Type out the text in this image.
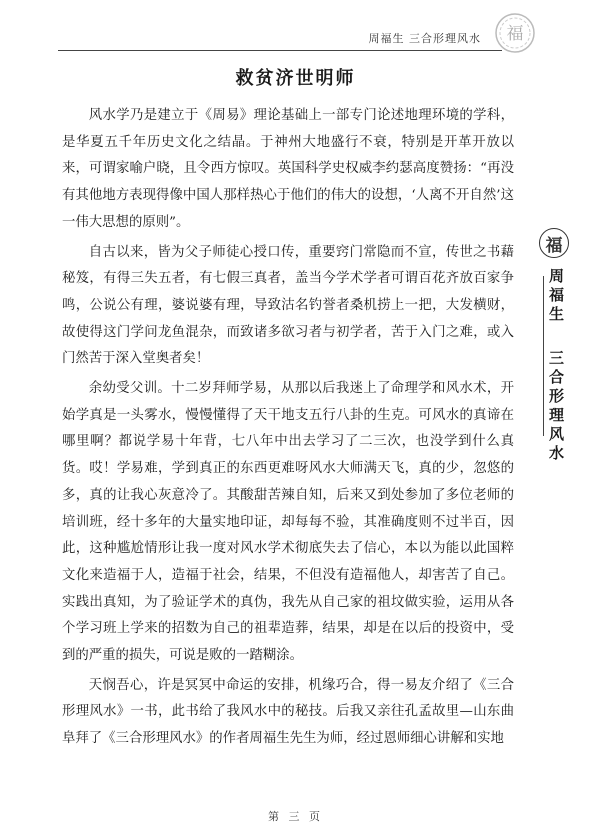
周福生 三合形理风水 福
救贫济世明师

风水学乃是建立于《周易》理论基础上一部专门论述地理环境的学科，是华夏五千年历史文化之结晶。于神州大地盛行不衰，特别是开革开放以来，可谓家喻户晓，且令西方惊叹。英国科学史权威李约瑟高度赞扬：“再没有其他地方表现得像中国人那样热心于他们的伟大的设想，‘人离不开自然’这一伟大思想的原则”。

自古以来，皆为父子师徒心授口传，重要窍门常隐而不宣，传世之书藉秘笈，有得三失五者，有七假三真者，盖当今学术学者可谓百花齐放百家争鸣，公说公有理，婆说婆有理，导致沽名钓誉者桑机捞上一把，大发横财，故使得这门学问龙鱼混杂，而致诸多欲习者与初学者，苦于入门之难，或入门然苦于深入堂奥者矣！

余幼受父训。十二岁拜师学易，从那以后我迷上了命理学和风水术，开始学真是一头雾水，慢慢懂得了天干地支五行八卦的生克。可风水的真谛在哪里啊？都说学易十年背，七八年中出去学习了二三次，也没学到什么真货。哎！学易难，学到真正的东西更难呀风水大师满天飞，真的少，忽悠的多，真的让我心灰意冷了。其酸甜苦辣自知，后来又到处参加了多位老师的培训班，经十多年的大量实地印证，却每每不验，其准确度则不过半百，因此，这种尴尬情形让我一度对风水学术彻底失去了信心，本以为能以此国粹文化来造福于人，造福于社会，结果，不但没有造福他人，却害苦了自己。实践出真知，为了验证学术的真伪，我先从自己家的祖坟做实验，运用从各个学习班上学来的招数为自己的祖辈造葬，结果，却是在以后的投资中，受到的严重的损失，可说是败的一踏糊涂。

天悯吾心，许是冥冥中命运的安排，机缘巧合，得一易友介绍了《三合形理风水》一书，此书给了我风水中的秘技。后我又亲往孔孟故里—山东曲阜拜了《三合形理风水》的作者周福生先生为师，经过恩师细心讲解和实地

福
周福生
三合形理风水
第 三 页
